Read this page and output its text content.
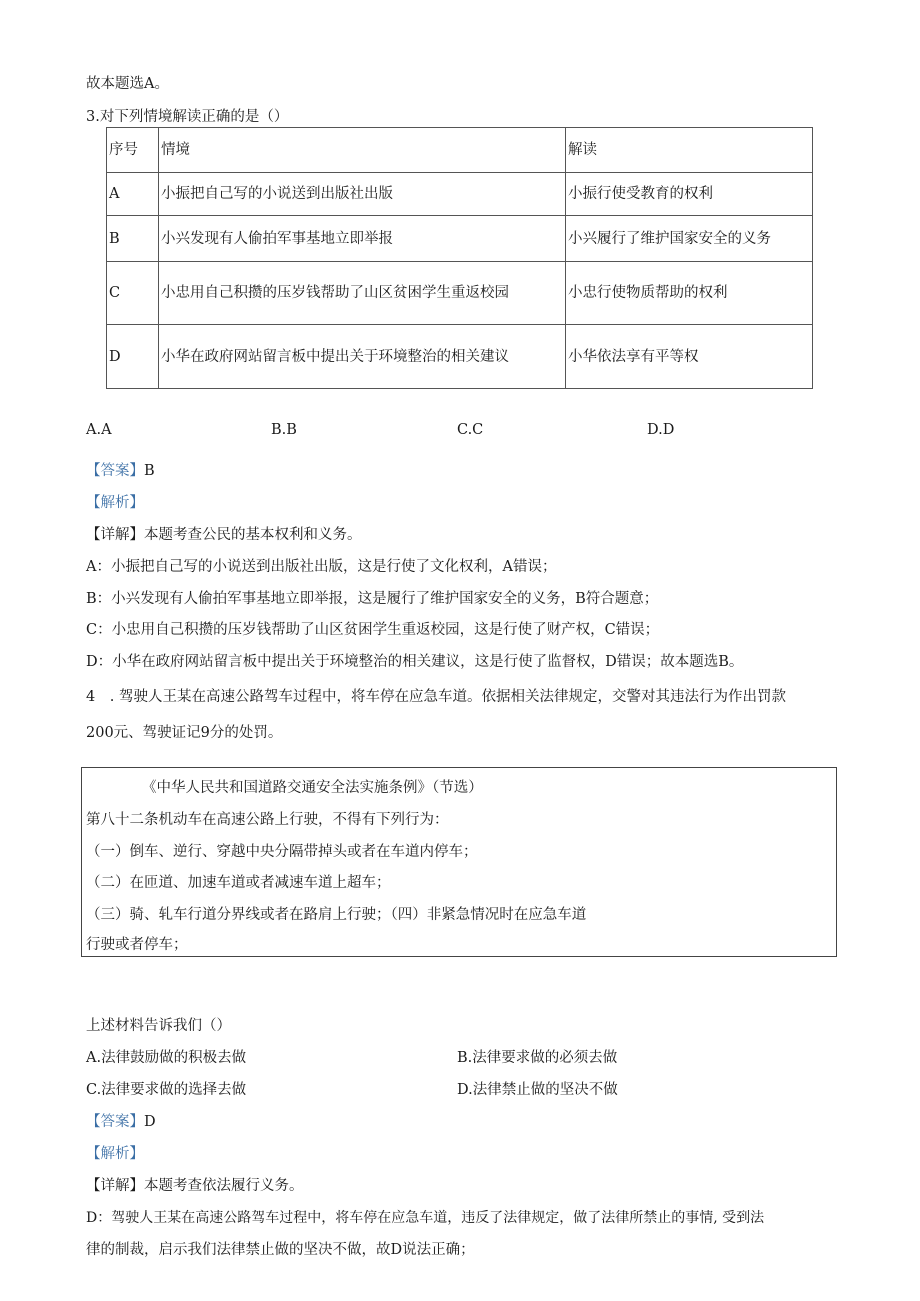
故本题选A。
3.对下列情境解读正确的是（）
序号	情境	解读
A	小振把自己写的小说送到出版社出版	小振行使受教育的权利
B	小兴发现有人偷拍军事基地立即举报	小兴履行了维护国家安全的义务
C	小忠用自己积攒的压岁钱帮助了山区贫困学生重返校园	小忠行使物质帮助的权利
D	小华在政府网站留言板中提出关于环境整治的相关建议	小华依法享有平等权
A.A	B.B	C.C	D.D
【答案】B
【解析】
【详解】本题考查公民的基本权利和义务。
A：小振把自己写的小说送到出版社出版，这是行使了文化权利，A错误；
B：小兴发现有人偷拍军事基地立即举报，这是履行了维护国家安全的义务，B符合题意；
C：小忠用自己积攒的压岁钱帮助了山区贫困学生重返校园，这是行使了财产权，C错误；
D：小华在政府网站留言板中提出关于环境整治的相关建议，这是行使了监督权，D错误；故本题选B。
4　. 驾驶人王某在高速公路驾车过程中，将车停在应急车道。依据相关法律规定，交警对其违法行为作出罚款
200元、驾驶证记9分的处罚。
《中华人民共和国道路交通安全法实施条例》（节选）
第八十二条机动车在高速公路上行驶，不得有下列行为：
（一）倒车、逆行、穿越中央分隔带掉头或者在车道内停车；
（二）在匝道、加速车道或者减速车道上超车；
（三）骑、轧车行道分界线或者在路肩上行驶；（四）非紧急情况时在应急车道
行驶或者停车；
上述材料告诉我们（）
A.法律鼓励做的积极去做	B.法律要求做的必须去做
C.法律要求做的选择去做	D.法律禁止做的坚决不做
【答案】D
【解析】
【详解】本题考查依法履行义务。
D：驾驶人王某在高速公路驾车过程中，将车停在应急车道，违反了法律规定，做了法律所禁止的事情, 受到法
律的制裁，启示我们法律禁止做的坚决不做，故D说法正确；
